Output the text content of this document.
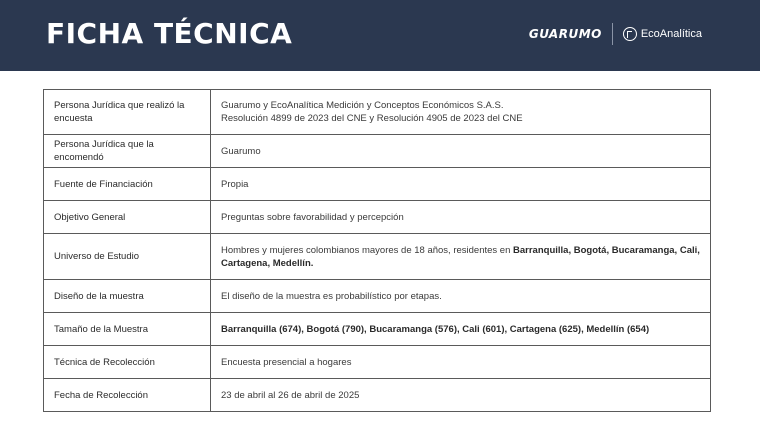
FICHA TÉCNICA	GUARUMO	EcoAnalítica
Persona Jurídica que realizó la encuesta	Guarumo y EcoAnalítica Medición y Conceptos Económicos S.A.S.
Resolución 4899 de 2023 del CNE y Resolución 4905 de 2023 del CNE

Persona Jurídica que la encomendó	Guarumo
Fuente de Financiación	Propia
Objetivo General	Preguntas sobre favorabilidad y percepción
Universo de Estudio	Hombres y mujeres colombianos mayores de 18 años, residentes en Barranquilla, Bogotá, Bucaramanga, Cali, Cartagena, Medellín.
Diseño de la muestra	El diseño de la muestra es probabilístico por etapas.
Tamaño de la Muestra	Barranquilla (674), Bogotá (790), Bucaramanga (576), Cali (601), Cartagena (625), Medellín (654)
Técnica de Recolección	Encuesta presencial a hogares
Fecha de Recolección	23 de abril al 26 de abril de 2025
